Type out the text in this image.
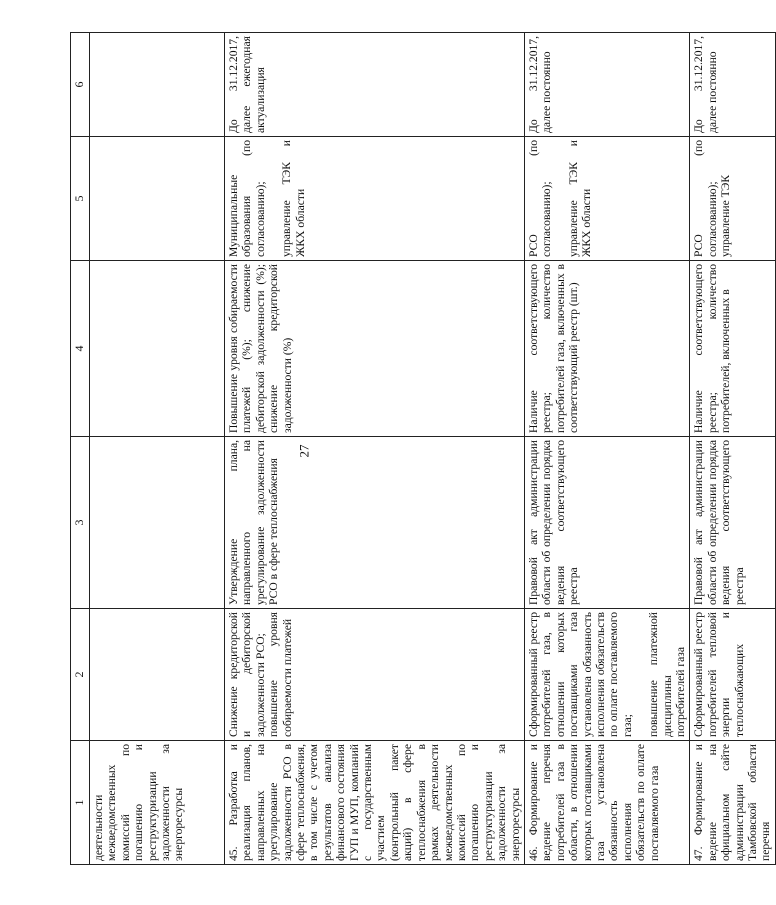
27
1	2	3	4	5	6
деятельности межведомственных комиссий по погашению и реструктуризации задолженности за энергоресурсы					
45. Разработка и реализация планов, направленных на урегулирование задолженности РСО в сфере теплоснабжения, в том числе с учетом результатов анализа финансового состояния ГУП и МУП, компаний с государственным участием (контрольный пакет акций) в сфере теплоснабжения в рамках деятельности межведомственных комиссий по погашению и реструктуризации задолженности за энергоресурсы	Снижение кредиторской и дебиторской задолженности РСО; повышение уровня собираемости платежей	Утверждение плана, направленного на урегулирование задолженности РСО в сфере теплоснабжения	Повышение уровня собираемости платежей (%); снижение дебиторской задолженности (%); снижение кредиторской задолженности (%)	Муниципальные образования (по согласованию); управление ТЭК и ЖКХ области	До 31.12.2017, далее ежегодная актуализация
46. Формирование и ведение перечня потребителей газа в области, в отношении которых поставщиками газа установлена обязанность исполнения обязательств по оплате поставляемого газа	Сформированный реестр потребителей газа, в отношении которых поставщиками газа установлена обязанность исполнения обязательств по оплате поставляемого газа; повышение платежной дисциплины потребителей газа	Правовой акт администрации области об определении порядка ведения соответствующего реестра	Наличие соответствующего реестра; количество потребителей газа, включенных в соответствующий реестр (шт.)	РСО (по согласованию); управление ТЭК и ЖКХ области	До 31.12.2017, далее постоянно
47. Формирование и ведение на официальном сайте администрации Тамбовской области перечня	Сформированный реестр потребителей тепловой энергии и теплоснабжающих	Правовой акт администрации области об определении порядка ведения соответствующего реестра	Наличие соответствующего реестра; количество потребителей, включенных в	РСО (по согласованию); управление ТЭК	До 31.12.2017, далее постоянно
